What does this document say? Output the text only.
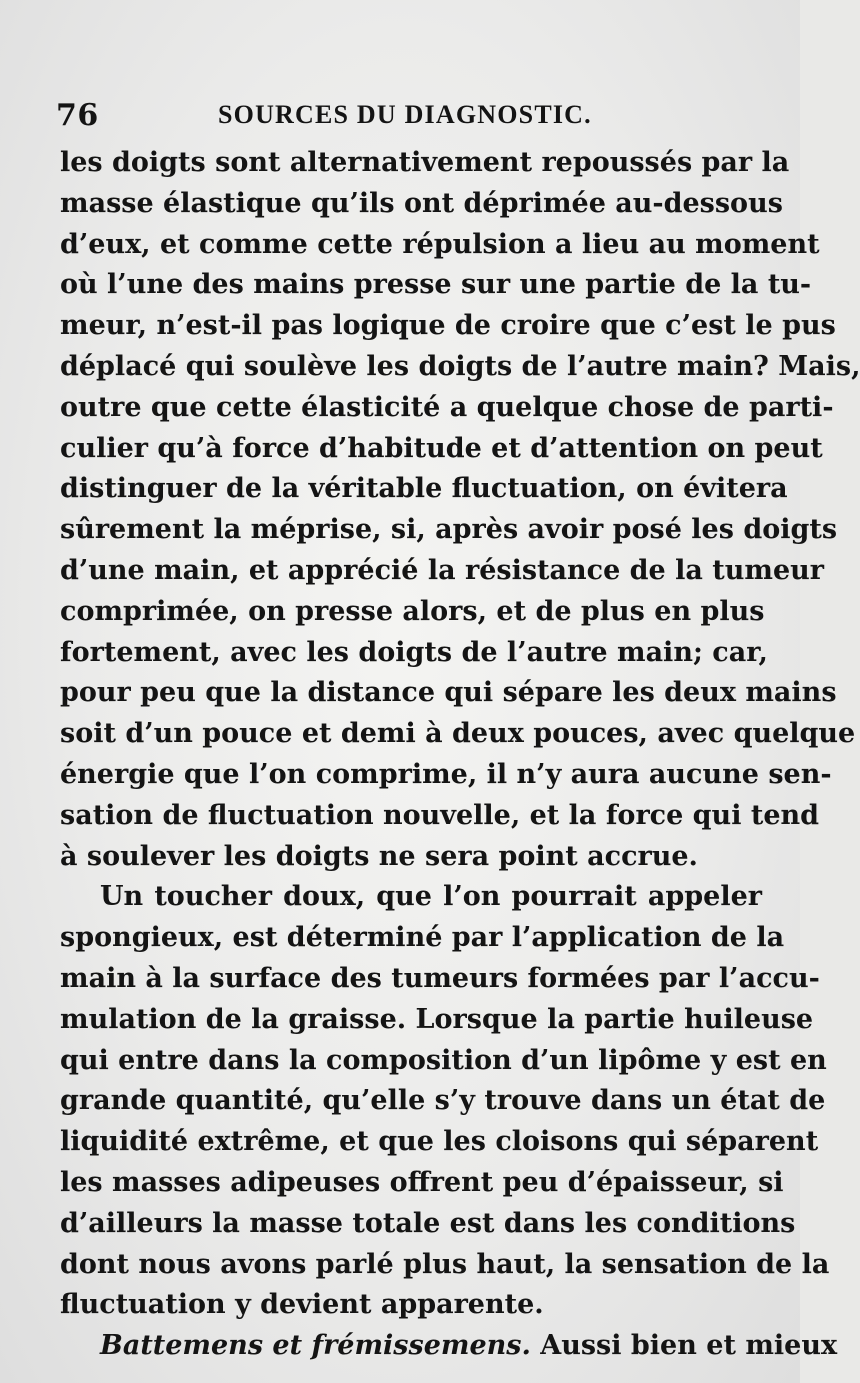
76	SOURCES DU DIAGNOSTIC.
les doigts sont alternativement repoussés par la
masse élastique qu’ils ont déprimée au-dessous
d’eux, et comme cette répulsion a lieu au moment
où l’une des mains presse sur une partie de la tu-
meur, n’est-il pas logique de croire que c’est le pus
déplacé qui soulève les doigts de l’autre main? Mais,
outre que cette élasticité a quelque chose de parti-
culier qu’à force d’habitude et d’attention on peut
distinguer de la véritable fluctuation, on évitera
sûrement la méprise, si, après avoir posé les doigts
d’une main, et apprécié la résistance de la tumeur
comprimée, on presse alors, et de plus en plus
fortement, avec les doigts de l’autre main; car,
pour peu que la distance qui sépare les deux mains
soit d’un pouce et demi à deux pouces, avec quelque
énergie que l’on comprime, il n’y aura aucune sen-
sation de fluctuation nouvelle, et la force qui tend
à soulever les doigts ne sera point accrue.
Un toucher doux, que l’on pourrait appeler
spongieux, est déterminé par l’application de la
main à la surface des tumeurs formées par l’accu-
mulation de la graisse. Lorsque la partie huileuse
qui entre dans la composition d’un lipôme y est en
grande quantité, qu’elle s’y trouve dans un état de
liquidité extrême, et que les cloisons qui séparent
les masses adipeuses offrent peu d’épaisseur, si
d’ailleurs la masse totale est dans les conditions
dont nous avons parlé plus haut, la sensation de la
fluctuation y devient apparente.
Battemens et frémissemens. Aussi bien et mieux
